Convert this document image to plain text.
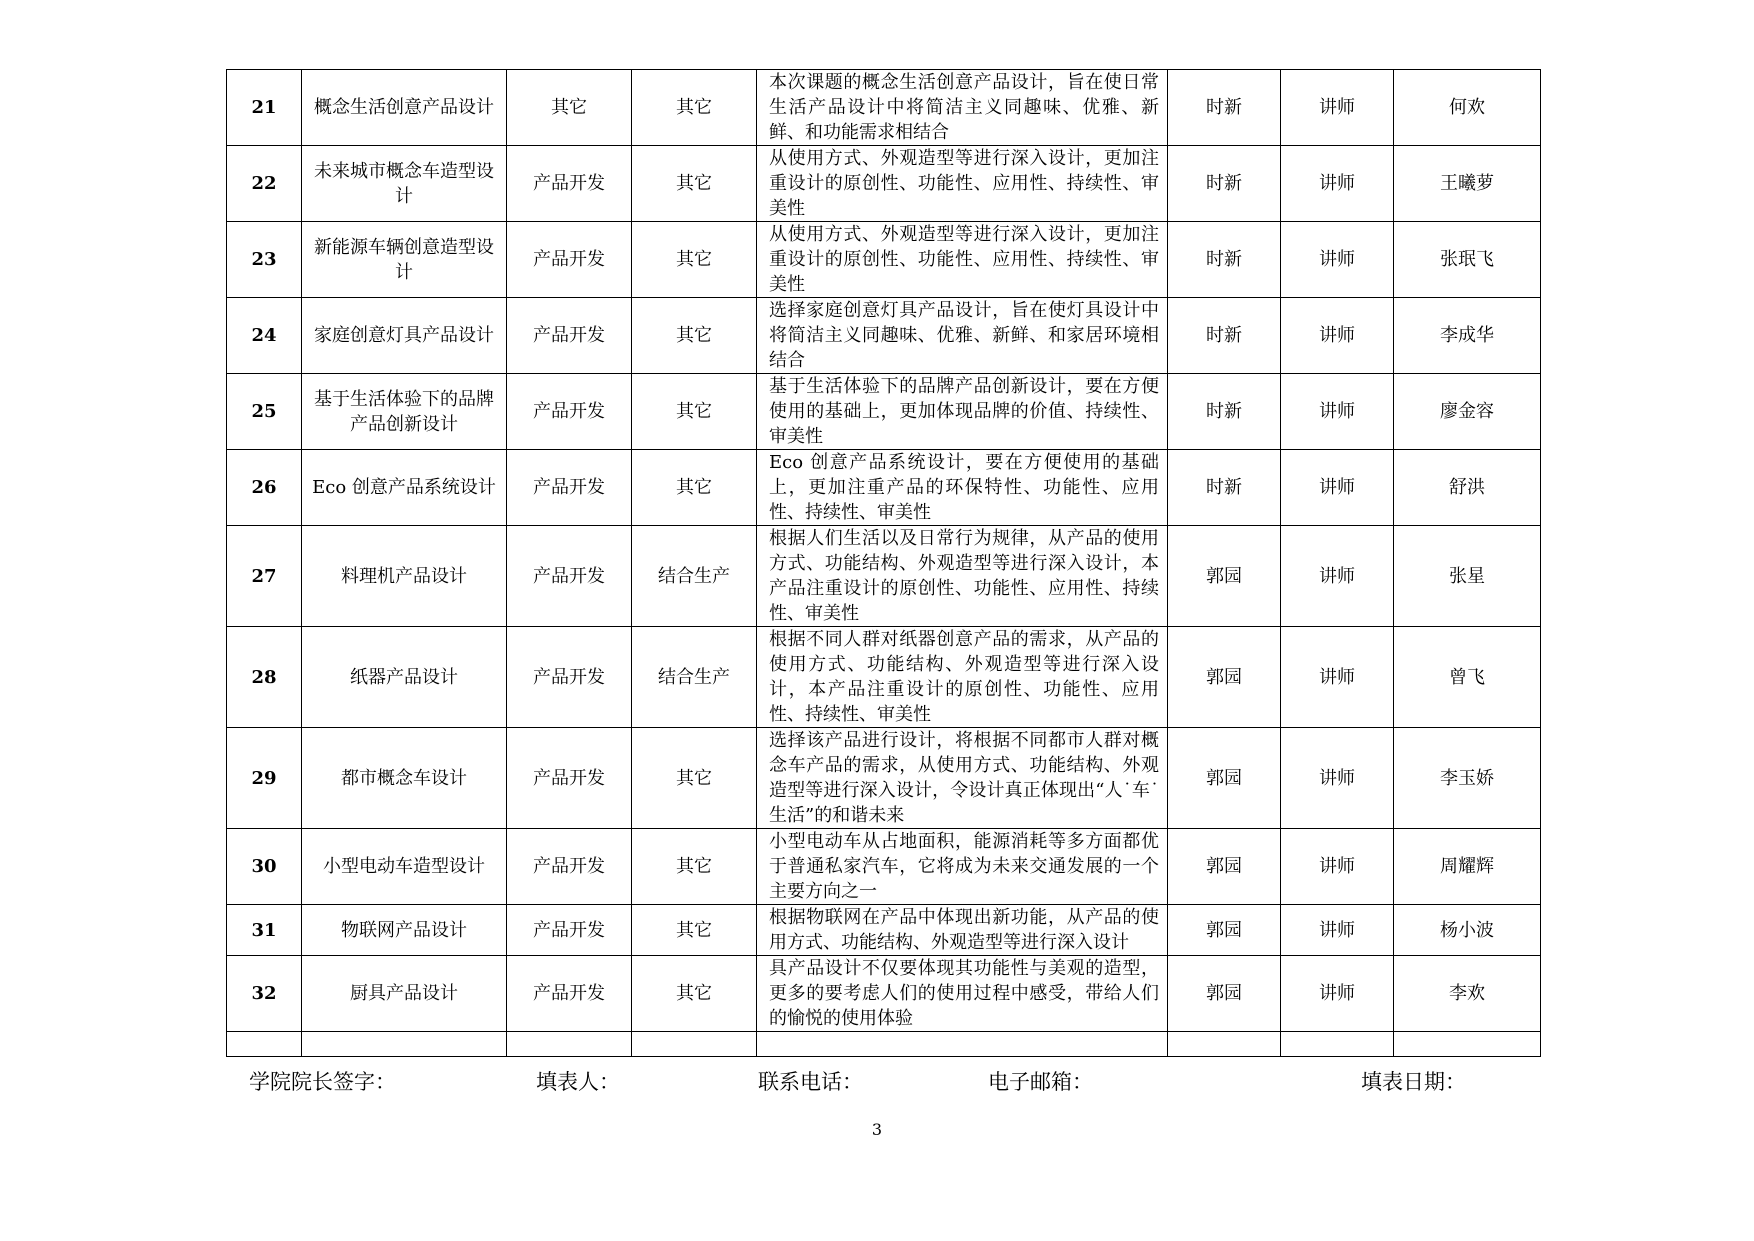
21	概念生活创意产品设计	其它	其它	本次课题的概念生活创意产品设计，旨在使日常生活产品设计中将简洁主义同趣味、优雅、新鲜、和功能需求相结合	时新	讲师	何欢
22	未来城市概念车造型设计	产品开发	其它	从使用方式、外观造型等进行深入设计，更加注重设计的原创性、功能性、应用性、持续性、审美性	时新	讲师	王曦萝
23	新能源车辆创意造型设计	产品开发	其它	从使用方式、外观造型等进行深入设计，更加注重设计的原创性、功能性、应用性、持续性、审美性	时新	讲师	张珉飞
24	家庭创意灯具产品设计	产品开发	其它	选择家庭创意灯具产品设计，旨在使灯具设计中将简洁主义同趣味、优雅、新鲜、和家居环境相结合	时新	讲师	李成华
25	基于生活体验下的品牌产品创新设计	产品开发	其它	基于生活体验下的品牌产品创新设计，要在方便使用的基础上，更加体现品牌的价值、持续性、审美性	时新	讲师	廖金容
26	Eco 创意产品系统设计	产品开发	其它	Eco 创意产品系统设计，要在方便使用的基础上，更加注重产品的环保特性、功能性、应用性、持续性、审美性	时新	讲师	舒洪
27	料理机产品设计	产品开发	结合生产	根据人们生活以及日常行为规律，从产品的使用方式、功能结构、外观造型等进行深入设计，本产品注重设计的原创性、功能性、应用性、持续性、审美性	郭园	讲师	张星
28	纸器产品设计	产品开发	结合生产	根据不同人群对纸器创意产品的需求，从产品的使用方式、功能结构、外观造型等进行深入设计，本产品注重设计的原创性、功能性、应用性、持续性、审美性	郭园	讲师	曾飞
29	都市概念车设计	产品开发	其它	选择该产品进行设计，将根据不同都市人群对概念车产品的需求，从使用方式、功能结构、外观造型等进行深入设计，令设计真正体现出“人˙车˙生活”的和谐未来	郭园	讲师	李玉娇
30	小型电动车造型设计	产品开发	其它	小型电动车从占地面积，能源消耗等多方面都优于普通私家汽车，它将成为未来交通发展的一个主要方向之一	郭园	讲师	周耀辉
31	物联网产品设计	产品开发	其它	根据物联网在产品中体现出新功能，从产品的使用方式、功能结构、外观造型等进行深入设计	郭园	讲师	杨小波
32	厨具产品设计	产品开发	其它	具产品设计不仅要体现其功能性与美观的造型，更多的要考虑人们的使用过程中感受，带给人们的愉悦的使用体验	郭园	讲师	李欢

学院院长签字：	填表人：	联系电话：	电子邮箱：	填表日期：
3
